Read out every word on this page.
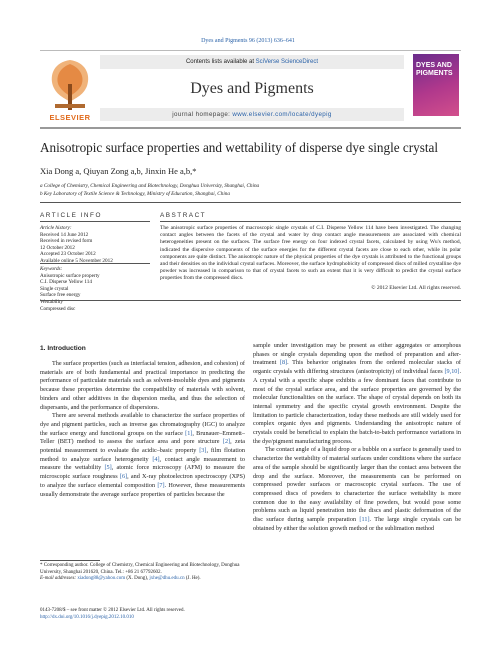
Dyes and Pigments 96 (2013) 636–641
ELSEVIER
Contents lists available at SciVerse ScienceDirect
Dyes and Pigments
journal homepage: www.elsevier.com/locate/dyepig
DYES AND PIGMENTS
Anisotropic surface properties and wettability of disperse dye single crystal
Xia Dong a, Qiuyan Zong a,b, Jinxin He a,b,*
a College of Chemistry, Chemical Engineering and Biotechnology, Donghua University, Shanghai, China
b Key Laboratory of Textile Science & Technology, Ministry of Education, Shanghai, China
ARTICLE INFO
Article history:
Received 14 June 2012
Received in revised form
12 October 2012
Accepted 23 October 2012
Available online 5 November 2012
Keywords:
Anisotropic surface property
C.I. Disperse Yellow 114
Single crystal
Surface free energy
Wettability
Compressed disc
ABSTRACT
The anisotropic surface properties of macroscopic single crystals of C.I. Disperse Yellow 114 have been investigated. The changing contact angles between the facets of the crystal and water by drop contact angle measurements are associated with chemical heterogeneities present on the surfaces. The surface free energy on four indexed crystal facets, calculated by using Wu's method, indicated the dispersive components of the surface energies for the different crystal facets are close to each other, while its polar components are quite distinct. The anisotropic nature of the physical properties of the dye crystals is attributed to the functional groups and their densities on the individual crystal surfaces. Moreover, the surface hydrophobicity of compressed discs of milled crystalline dye powder was increased in comparison to that of crystal facets to such an extent that it is very difficult to predict the crystal surface properties from the compressed discs.
© 2012 Elsevier Ltd. All rights reserved.
1. Introduction

The surface properties (such as interfacial tension, adhesion, and cohesion) of materials are of both fundamental and practical importance in predicting the performance of particulate materials such as solvent-insoluble dyes and pigments because these properties determine the compatibility of materials with solvent, binders and other additives in the dispersion media, and thus the selection of dispersants, and the performance of dispersions.

There are several methods available to characterize the surface properties of dye and pigment particles, such as inverse gas chromatography (IGC) to analyze the surface energy and functional groups on the surface [1], Brunauer–Emmett–Teller (BET) method to assess the surface area and pore structure [2], zeta potential measurement to evaluate the acidic–basic property [3], film flotation method to analyze surface heterogeneity [4], contact angle measurement to measure the wettability [5], atomic force microscopy (AFM) to measure the microscopic surface roughness [6], and X-ray photoelectron spectroscopy (XPS) to analyze the surface elemental composition [7]. However, these measurements usually demonstrate the average surface properties of particles because the

sample under investigation may be present as either aggregates or amorphous phases or single crystals depending upon the method of preparation and after-treatment [8]. This behavior originates from the ordered molecular stacks of organic crystals with differing structures (anisotropicity) of individual faces [9,10]. A crystal with a specific shape exhibits a few dominant faces that contribute to most of the crystal surface area, and the surface properties are governed by the molecular functionalities on the surface. The shape of crystal depends on both its internal symmetry and the specific crystal growth environment. Despite the limitation to particle characterization, today these methods are still widely used for complex organic dyes and pigments. Understanding the anisotropic nature of crystals could be beneficial to explain the batch-to-batch performance variations in the dye/pigment manufacturing process.

The contact angle of a liquid drop or a bubble on a surface is generally used to characterize the wettability of material surfaces under conditions where the surface area of the sample should be significantly larger than the contact area between the drop and the surface. Moreover, the measurements can be performed on compressed powder surfaces or macroscopic crystal surfaces. The use of compressed discs of powders to characterize the surface wettability is more common due to the easy availability of fine powders, but would pose some problems such as liquid penetration into the discs and plastic deformation of the disc surface during sample preparation [11]. The large single crystals can be obtained by either the solution growth method or the sublimation method

* Corresponding author. College of Chemistry, Chemical Engineering and Biotechnology, Donghua University, Shanghai 201620, China. Tel.: +86 21 67792602.
E-mail addresses: xiadong88@yahoo.com (X. Dong), jxhe@dhu.edu.cn (J. He).
0143-7208/$ – see front matter © 2012 Elsevier Ltd. All rights reserved.
http://dx.doi.org/10.1016/j.dyepig.2012.10.010
